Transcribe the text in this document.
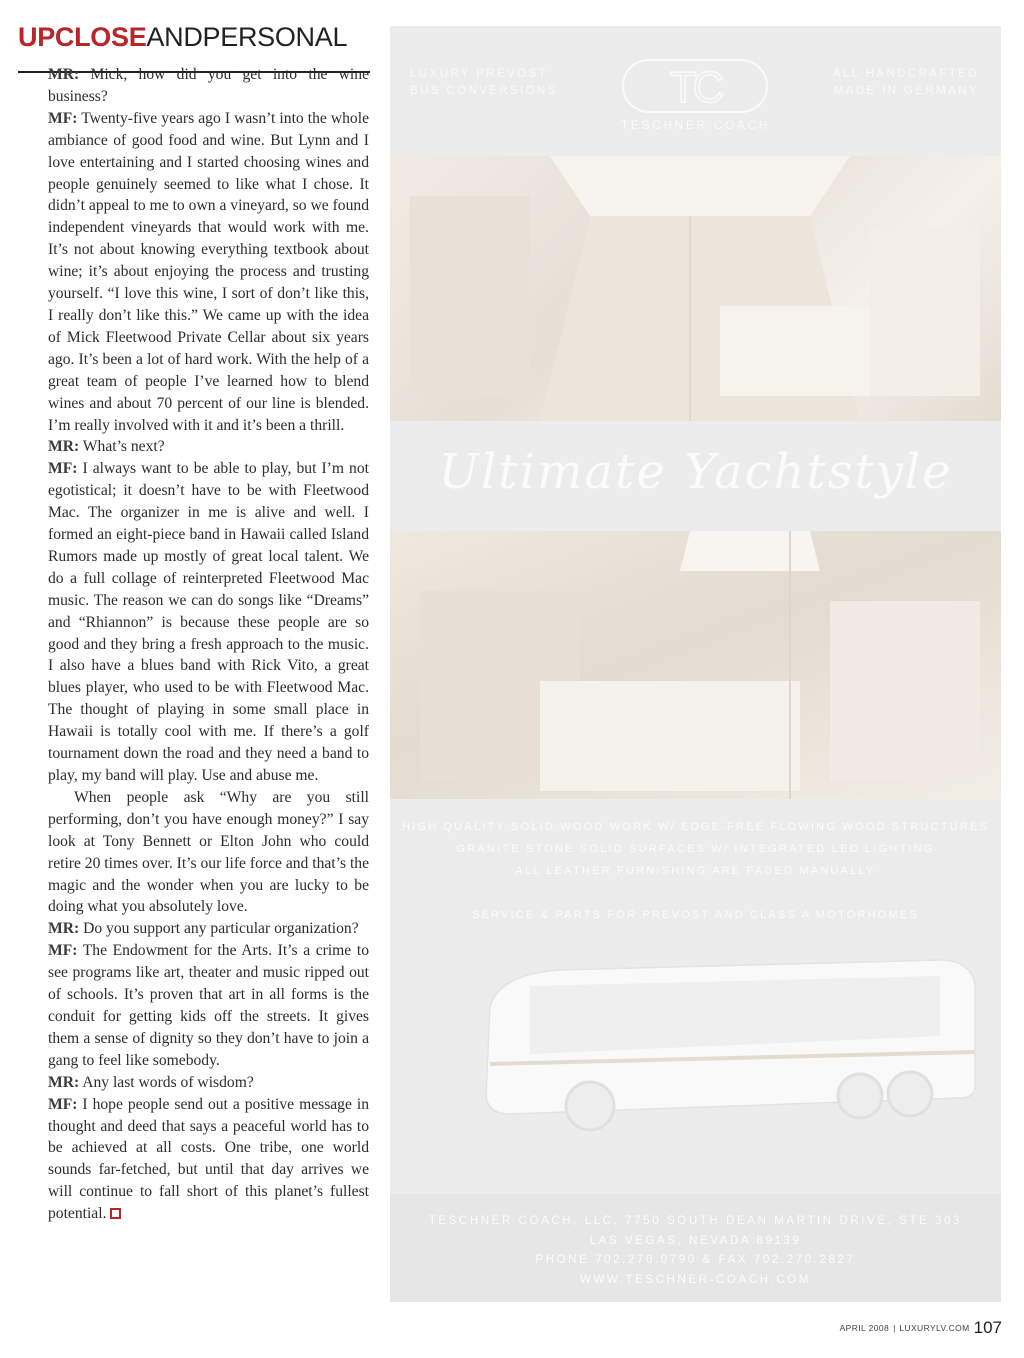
UPCLOSEANDPERSONAL

MR: Mick, how did you get into the wine business?

MF: Twenty-five years ago I wasn’t into the whole ambiance of good food and wine. But Lynn and I love entertaining and I started choosing wines and people genuinely seemed to like what I chose. It didn’t appeal to me to own a vineyard, so we found independent vineyards that would work with me. It’s not about knowing everything textbook about wine; it’s about enjoying the process and trusting yourself. “I love this wine, I sort of don’t like this, I really don’t like this.” We came up with the idea of Mick Fleetwood Private Cellar about six years ago. It’s been a lot of hard work. With the help of a great team of people I’ve learned how to blend wines and about 70 percent of our line is blended. I’m really involved with it and it’s been a thrill.

MR: What’s next?

MF: I always want to be able to play, but I’m not egotistical; it doesn’t have to be with Fleetwood Mac. The organizer in me is alive and well. I formed an eight-piece band in Hawaii called Island Rumors made up mostly of great local talent. We do a full collage of reinterpreted Fleetwood Mac music. The reason we can do songs like “Dreams” and “Rhiannon” is because these people are so good and they bring a fresh approach to the music. I also have a blues band with Rick Vito, a great blues player, who used to be with Fleetwood Mac. The thought of playing in some small place in Hawaii is totally cool with me. If there’s a golf tournament down the road and they need a band to play, my band will play. Use and abuse me.

When people ask “Why are you still performing, don’t you have enough money?” I say look at Tony Bennett or Elton John who could retire 20 times over. It’s our life force and that’s the magic and the wonder when you are lucky to be doing what you absolutely love.

MR: Do you support any particular organization?

MF: The Endowment for the Arts. It’s a crime to see programs like art, theater and music ripped out of schools. It’s proven that art in all forms is the conduit for getting kids off the streets. It gives them a sense of dignity so they don’t have to join a gang to feel like somebody.

MR: Any last words of wisdom?

MF: I hope people send out a positive message in thought and deed that says a peaceful world has to be achieved at all costs. One tribe, one world sounds far-fetched, but until that day arrives we will continue to fall short of this planet’s fullest potential.

LUXURY PREVOST
BUS CONVERSIONS	TC	ALL HANDCRAFTED
MADE IN GERMANY
TESCHNER COACH
Ultimate Yachtstyle
HIGH QUALITY SOLID WOOD WORK W/ EDGE-FREE FLOWING WOOD STRUCTURES
GRANITE STONE SOLID SURFACES W/ INTEGRATED LED LIGHTING
ALL LEATHER FURNISHING ARE FADED MANUALLY
SERVICE & PARTS FOR PREVOST AND CLASS A MOTORHOMES
TESCHNER COACH, LLC, 7750 SOUTH DEAN MARTIN DRIVE, STE 303
LAS VEGAS, NEVADA 89139
PHONE 702.270.0790 & FAX 702.270.2827
WWW.TESCHNER-COACH.COM
APRIL 2008 | LUXURYLV.COM 107
